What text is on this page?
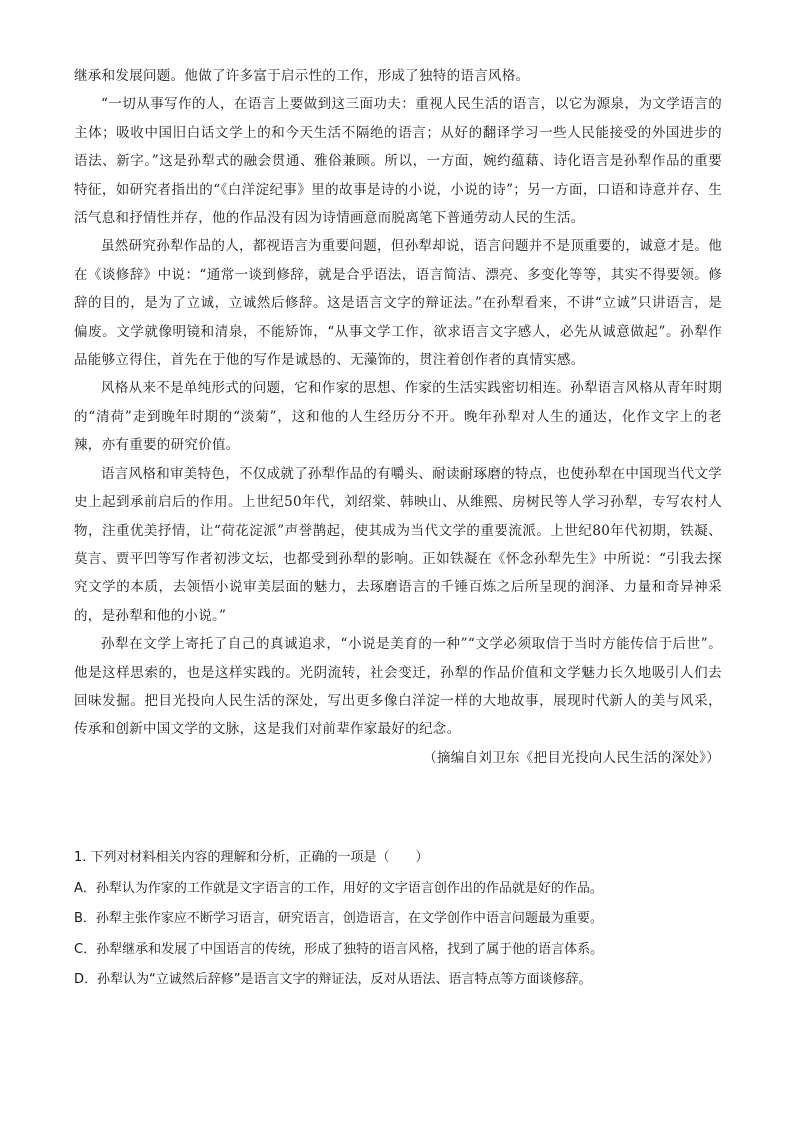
继承和发展问题。他做了许多富于启示性的工作，形成了独特的语言风格。

“一切从事写作的人，在语言上要做到这三面功夫：重视人民生活的语言，以它为源泉，为文学语言的主体；吸收中国旧白话文学上的和今天生活不隔绝的语言；从好的翻译学习一些人民能接受的外国进步的语法、新字。”这是孙犁式的融会贯通、雅俗兼顾。所以，一方面，婉约蕴藉、诗化语言是孙犁作品的重要特征，如研究者指出的“《白洋淀纪事》里的故事是诗的小说，小说的诗”；另一方面，口语和诗意并存、生活气息和抒情性并存，他的作品没有因为诗情画意而脱离笔下普通劳动人民的生活。

虽然研究孙犁作品的人，都视语言为重要问题，但孙犁却说，语言问题并不是顶重要的，诚意才是。他在《谈修辞》中说：“通常一谈到修辞，就是合乎语法，语言简洁、漂亮、多变化等等，其实不得要领。修辞的目的，是为了立诚，立诚然后修辞。这是语言文字的辩证法。”在孙犁看来，不讲“立诚”只讲语言，是偏废。文学就像明镜和清泉，不能矫饰，“从事文学工作，欲求语言文字感人，必先从诚意做起”。孙犁作品能够立得住，首先在于他的写作是诚恳的、无藻饰的，贯注着创作者的真情实感。

风格从来不是单纯形式的问题，它和作家的思想、作家的生活实践密切相连。孙犁语言风格从青年时期的“清荷”走到晚年时期的“淡菊”，这和他的人生经历分不开。晚年孙犁对人生的通达，化作文字上的老辣，亦有重要的研究价值。

语言风格和审美特色，不仅成就了孙犁作品的有嚼头、耐读耐琢磨的特点，也使孙犁在中国现当代文学史上起到承前启后的作用。上世纪50年代，刘绍棠、韩映山、从维熙、房树民等人学习孙犁，专写农村人物，注重优美抒情，让“荷花淀派”声誉鹊起，使其成为当代文学的重要流派。上世纪80年代初期，铁凝、莫言、贾平凹等写作者初涉文坛，也都受到孙犁的影响。正如铁凝在《怀念孙犁先生》中所说：“引我去探究文学的本质，去领悟小说审美层面的魅力，去琢磨语言的千锤百炼之后所呈现的润泽、力量和奇异神采的，是孙犁和他的小说。”

孙犁在文学上寄托了自己的真诚追求，“小说是美育的一种”“文学必须取信于当时方能传信于后世”。他是这样思索的，也是这样实践的。光阴流转，社会变迁，孙犁的作品价值和文学魅力长久地吸引人们去回味发掘。把目光投向人民生活的深处，写出更多像白洋淀一样的大地故事，展现时代新人的美与风采，传承和创新中国文学的文脉，这是我们对前辈作家最好的纪念。

（摘编自刘卫东《把目光投向人民生活的深处》）

1. 下列对材料相关内容的理解和分析，正确的一项是（　　）
A．孙犁认为作家的工作就是文字语言的工作，用好的文字语言创作出的作品就是好的作品。
B．孙犁主张作家应不断学习语言，研究语言，创造语言，在文学创作中语言问题最为重要。
C．孙犁继承和发展了中国语言的传统，形成了独特的语言风格，找到了属于他的语言体系。
D．孙犁认为“立诚然后辞修”是语言文字的辩证法，反对从语法、语言特点等方面谈修辞。
